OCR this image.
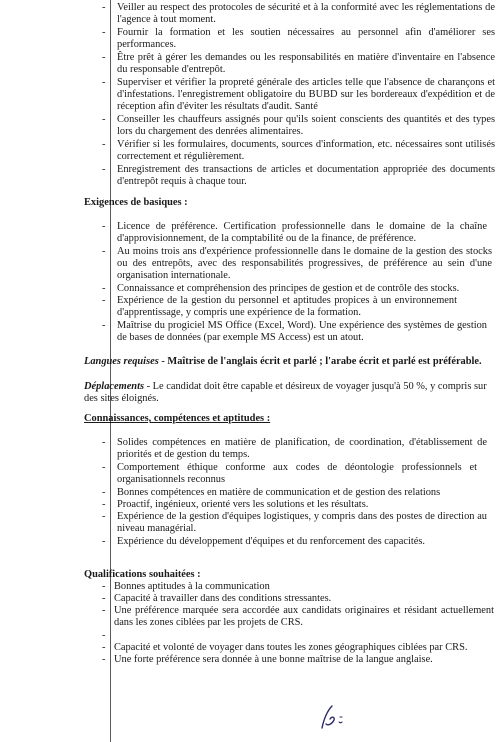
- Veiller au respect des protocoles de sécurité et à la conformité avec les réglementations de l'agence à tout moment.
- Fournir la formation et les soutien nécessaires au personnel afin d'améliorer ses performances.
- Être prêt à gérer les demandes ou les responsabilités en matière d'inventaire en l'absence du responsable d'entrepôt.
- Superviser et vérifier la propreté générale des articles telle que l'absence de charançons et d'infestations. l'enregistrement obligatoire du BUBD sur les bordereaux d'expédition et de réception afin d'éviter les résultats d'audit. Santé
- Conseiller les chauffeurs assignés pour qu'ils soient conscients des quantités et des types lors du chargement des denrées alimentaires.
- Vérifier si les formulaires, documents, sources d'information, etc. nécessaires sont utilisés correctement et régulièrement.
- Enregistrement des transactions de articles et documentation appropriée des documents d'entrepôt requis à chaque tour.
Exigences de basiques :
- Licence de préférence. Certification professionnelle dans le domaine de la chaîne d'approvisionnement, de la comptabilité ou de la finance, de préférence.
- Au moins trois ans d'expérience professionnelle dans le domaine de la gestion des stocks ou des entrepôts, avec des responsabilités progressives, de préférence au sein d'une organisation internationale.
- Connaissance et compréhension des principes de gestion et de contrôle des stocks.
- Expérience de la gestion du personnel et aptitudes propices à un environnement d'apprentissage, y compris une expérience de la formation.
- Maîtrise du progiciel MS Office (Excel, Word). Une expérience des systèmes de gestion de bases de données (par exemple MS Access) est un atout.
Langues requises - Maîtrise de l'anglais écrit et parlé ; l'arabe écrit et parlé est préférable.
Déplacements - Le candidat doit être capable et désireux de voyager jusqu'à 50 %, y compris sur des sites éloignés.
Connaissances, compétences et aptitudes :
- Solides compétences en matière de planification, de coordination, d'établissement de priorités et de gestion du temps.
- Comportement éthique conforme aux codes de déontologie professionnels et organisationnels reconnus
- Bonnes compétences en matière de communication et de gestion des relations
- Proactif, ingénieux, orienté vers les solutions et les résultats.
- Expérience de la gestion d'équipes logistiques, y compris dans des postes de direction au niveau managérial.
- Expérience du développement d'équipes et du renforcement des capacités.
Qualifications souhaitées :
- Bonnes aptitudes à la communication
- Capacité à travailler dans des conditions stressantes.
- Une préférence marquée sera accordée aux candidats originaires et résidant actuellement dans les zones ciblées par les projets de CRS.
-
- Capacité et volonté de voyager dans toutes les zones géographiques ciblées par CRS.
- Une forte préférence sera donnée à une bonne maîtrise de la langue anglaise.
